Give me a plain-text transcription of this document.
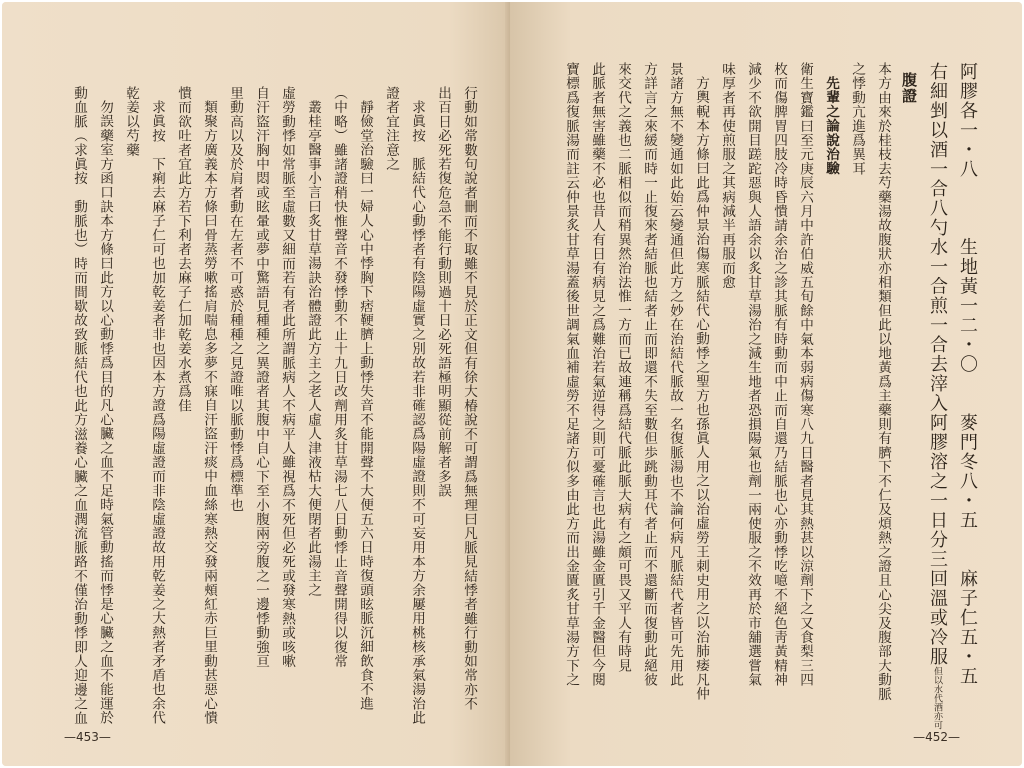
行動如常數句說者刪而不取雖不見於正文但有徐大椿說不可謂爲無理曰凡脈見結悸者雖行動如常亦不
出百日必死若復危急不能行動則過十日必死語極明顯從前解者多誤
求眞按　脈結代心動悸者有陰陽虛實之別故若非確認爲陽虛證則不可妄用本方余屢用桃核承氣湯治此
證者宜注意之
靜儉堂治驗曰一婦人心中悸胸下痞鞕臍上動悸失音不能開聲不大便五六日時復頭眩脈沉細飲食不進
（中略）雖諸證稍快惟聲音不發悸動不止十九日改劑用炙甘草湯七八日動悸止音聲開得以復常
叢桂亭醫事小言曰炙甘草湯訣治體證此方主之老人虛人津液枯大便閉者此湯主之
虛勞動悸如常脈至虛數又細而若有者此所謂脈病人不病平人雖視爲不死但必死或發寒熱或咳嗽
自汗盜汗胸中悶或眩暈或夢中驚語見種種之異證者其腹中自心下至小腹兩旁腹之一邊悸動強亘
里動高以及於肩者動在左者不可惑於種種之見證唯以脈動悸爲標準也
類聚方廣義本方條曰骨蒸勞嗽搖肩喘息多夢不寐自汗盜汗痰中血絲寒熱交發兩頰紅赤巨里動甚惡心憒
憒而欲吐者宜此方若下利者去麻子仁加乾姜水煮爲佳
求眞按　下痢去麻子仁可也加乾姜者非也因本方證爲陽虛證而非陰虛證故用乾姜之大熱者矛盾也余代
乾姜以芍藥
勿誤藥室方函口訣本方條曰此方以心動悸爲目的凡心臟之血不足時氣管動搖而悸是心臟之血不能運於
動血脈（求眞按　動脈也）時而間歇故致脈結代也此方滋養心臟之血潤流脈路不僅治動悸即人迎邊之血
—453—
阿膠各一・八　　　生地黃一二・〇　　麥門冬八・五　　麻子仁五・五
右細剉以酒一合八勺水一合煎一合去滓入阿膠溶之一日分三回溫或冷服但以水代酒亦可
腹證
本方由來於桂枝去芍藥湯故腹狀亦相類但此以地黃爲主藥則有臍下不仁及煩熱之證且心尖及腹部大動脈
之悸動亢進爲異耳
先輩之論說治驗
衛生寶鑑曰至元庚辰六月中許伯威五旬餘中氣本弱病傷寒八九日醫者見其熱甚以涼劑下之又食梨三四
枚而傷脾胃四肢冷時昏憒請余治之診其脈有時動而中止而自還乃結脈也心亦動悸吃噫不絕色靑黃精神
減少不欲開目蹉跎惡與人語余以炙甘草湯治之減生地者恐損陽氣也劑一兩使服之不效再於市舖選嘗氣
味厚者再使煎服之其病減半再服而愈
方輿輗本方條曰此爲仲景治傷寒脈結代心動悸之聖方也孫眞人用之以治虛勞王刺史用之以治肺痿凡仲
景諸方無不變通如此始云變通但此方之妙在治結代脈故一名復脈湯也不論何病凡脈結代者皆可先用此
方詳言之來緩而時一止復來者結脈也結者止而即還不失至數但歩跳動耳代者止而不還斷而復動此絕彼
來交代之義也二脈相似而稍異然治法惟一方而已故連稱爲結代脈此脈大病有之頗可畏又平人有時見
此脈者無害雖藥不必也昔人有日有病見之爲難治若氣逆得之則可憂確言也此湯雖金匱引千金醫但今閱
寶標爲復脈湯而註云仲景炙甘草湯蓋後世調氣血補虛勞不足諸方似多由此方而出金匱炙甘草湯方下之
—452—
